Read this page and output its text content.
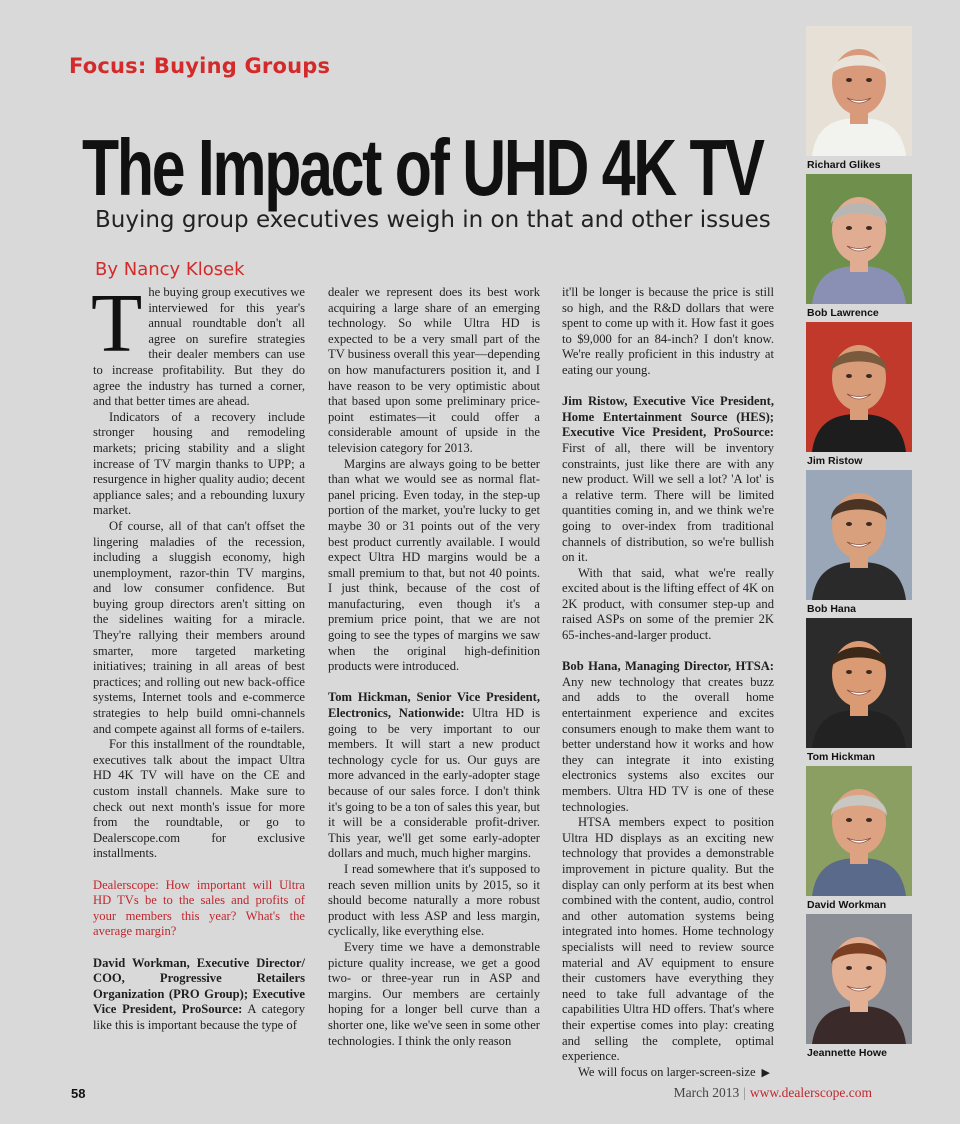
Focus: Buying Groups
The Impact of UHD 4K TV
Buying group executives weigh in on that and other issues
By Nancy Klosek

The buying group executives we interviewed for this year's annual roundtable don't all agree on surefire strategies their dealer members can use to increase profitability. But they do agree the industry has turned a corner, and that better times are ahead.

Indicators of a recovery include stronger housing and remodeling markets; pricing stability and a slight increase of TV margin thanks to UPP; a resurgence in higher quality audio; decent appliance sales; and a rebounding luxury market.

Of course, all of that can't offset the lingering maladies of the recession, including a sluggish economy, high unemployment, razor-thin TV margins, and low consumer confidence. But buying group directors aren't sitting on the sidelines waiting for a miracle. They're rallying their members around smarter, more targeted marketing initiatives; training in all areas of best practices; and rolling out new back-office systems, Internet tools and e-commerce strategies to help build omni-channels and compete against all forms of e-tailers.

For this installment of the roundtable, executives talk about the impact Ultra HD 4K TV will have on the CE and custom install channels. Make sure to check out next month's issue for more from the roundtable, or go to Dealerscope.com for exclusive installments.

Dealerscope: How important will Ultra HD TVs be to the sales and profits of your members this year? What's the average margin?

David Workman, Executive Director/ COO, Progressive Retailers Organization (PRO Group); Executive Vice President, ProSource: A category like this is important because the type of

dealer we represent does its best work acquiring a large share of an emerging technology. So while Ultra HD is expected to be a very small part of the TV business overall this year—depending on how manufacturers position it, and I have reason to be very optimistic about that based upon some preliminary price-point estimates—it could offer a considerable amount of upside in the television category for 2013.

Margins are always going to be better than what we would see as normal flat-panel pricing. Even today, in the step-up portion of the market, you're lucky to get maybe 30 or 31 points out of the very best product currently available. I would expect Ultra HD margins would be a small premium to that, but not 40 points. I just think, because of the cost of manufacturing, even though it's a premium price point, that we are not going to see the types of margins we saw when the original high-definition products were introduced.

Tom Hickman, Senior Vice President, Electronics, Nationwide: Ultra HD is going to be very important to our members. It will start a new product technology cycle for us. Our guys are more advanced in the early-adopter stage because of our sales force. I don't think it's going to be a ton of sales this year, but it will be a considerable profit-driver. This year, we'll get some early-adopter dollars and much, much higher margins.

I read somewhere that it's supposed to reach seven million units by 2015, so it should become naturally a more robust product with less ASP and less margin, cyclically, like everything else.

Every time we have a demonstrable picture quality increase, we get a good two- or three-year run in ASP and margins. Our members are certainly hoping for a longer bell curve than a shorter one, like we've seen in some other technologies. I think the only reason

it'll be longer is because the price is still so high, and the R&D dollars that were spent to come up with it. How fast it goes to $9,000 for an 84-inch? I don't know. We're really proficient in this industry at eating our young.

Jim Ristow, Executive Vice President, Home Entertainment Source (HES); Executive Vice President, ProSource: First of all, there will be inventory constraints, just like there are with any new product. Will we sell a lot? 'A lot' is a relative term. There will be limited quantities coming in, and we think we're going to over-index from traditional channels of distribution, so we're bullish on it.

With that said, what we're really excited about is the lifting effect of 4K on 2K product, with consumer step-up and raised ASPs on some of the premier 2K 65-inches-and-larger product.

Bob Hana, Managing Director, HTSA: Any new technology that creates buzz and adds to the overall home entertainment experience and excites consumers enough to make them want to better understand how it works and how they can integrate it into existing electronics systems also excites our members. Ultra HD TV is one of these technologies.

HTSA members expect to position Ultra HD displays as an exciting new technology that provides a demonstrable improvement in picture quality. But the display can only perform at its best when combined with the content, audio, control and other automation systems being integrated into homes. Home technology specialists will need to review source material and AV equipment to ensure their customers have everything they need to take full advantage of the capabilities Ultra HD offers. That's where their expertise comes into play: creating and selling the complete, optimal experience.

We will focus on larger-screen-size ▶

Richard Glikes
Bob Lawrence
Jim Ristow
Bob Hana
Tom Hickman
David Workman
Jeannette Howe
58	March 2013 | www.dealerscope.com
